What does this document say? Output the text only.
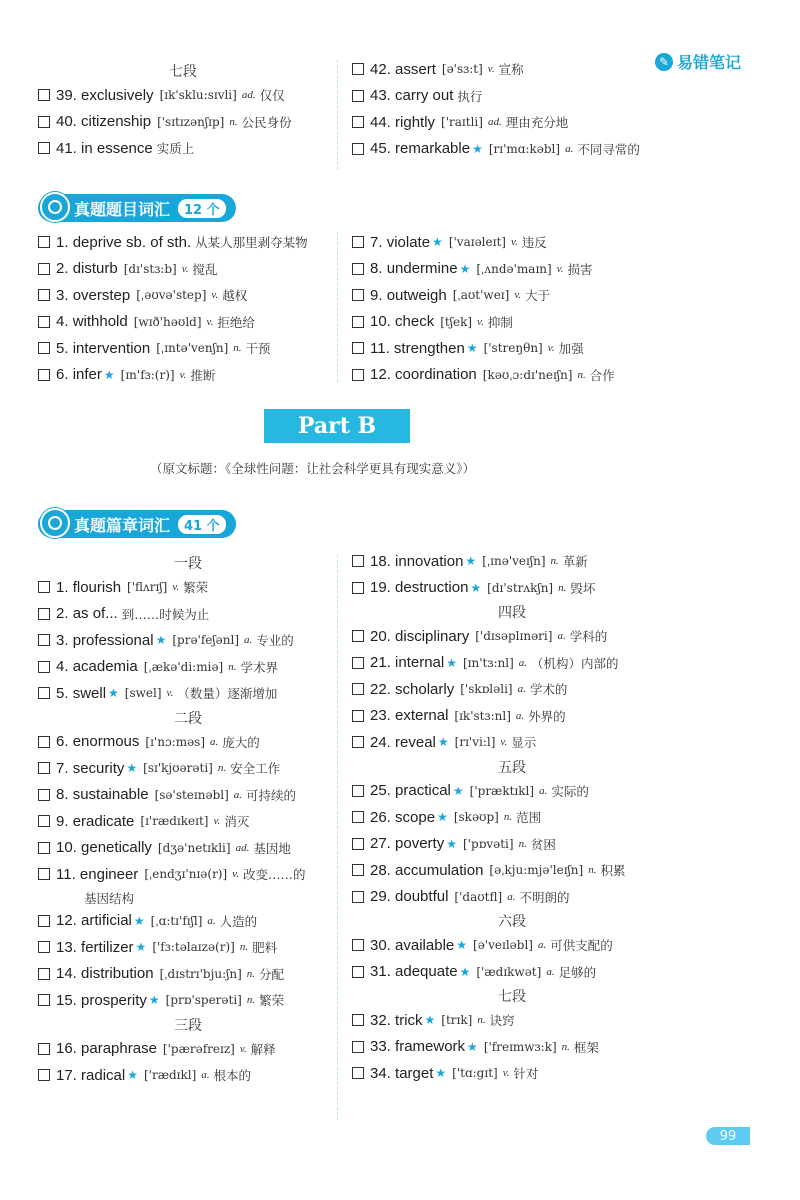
✎ 易错笔记
七段
39. exclusively [ɪk'sklu:sɪvli] ad. 仅仅
40. citizenship ['sɪtɪzənʃɪp] n. 公民身份
41. in essence 实质上
42. assert [ə'sɜ:t] v. 宣称
43. carry out 执行
44. rightly ['raɪtli] ad. 理由充分地
45. remarkable ★ [rɪ'mɑ:kəbl] a. 不同寻常的
真题题目词汇	12 个
1. deprive sb. of sth. 从某人那里剥夺某物
2. disturb [dɪ'stɜ:b] v. 搅乱
3. overstep [ˌəʊvə'step] v. 越权
4. withhold [wɪð'həʊld] v. 拒绝给
5. intervention [ˌɪntə'venʃn] n. 干预
6. infer ★ [ɪn'fɜ:(r)] v. 推断
7. violate ★ ['vaɪəleɪt] v. 违反
8. undermine ★ [ˌʌndə'maɪn] v. 损害
9. outweigh [ˌaʊt'weɪ] v. 大于
10. check [tʃek] v. 抑制
11. strengthen ★ ['streŋθn] v. 加强
12. coordination [kəʊˌɔ:dɪ'neɪʃn] n. 合作
Part B
（原文标题：《全球性问题：让社会科学更具有现实意义》）
真题篇章词汇	41 个
一段
1. flourish ['flʌrɪʃ] v. 繁荣
2. as of... 到……时候为止
3. professional ★ [prə'feʃənl] a. 专业的
4. academia [ˌækə'di:miə] n. 学术界
5. swell ★ [swel] v. （数量）逐渐增加
二段
6. enormous [ɪ'nɔ:məs] a. 庞大的
7. security ★ [sɪ'kjʊərəti] n. 安全工作
8. sustainable [sə'steɪnəbl] a. 可持续的
9. eradicate [ɪ'rædɪkeɪt] v. 消灭
10. genetically [dʒə'netɪkli] ad. 基因地
11. engineer [ˌendʒɪ'nɪə(r)] v. 改变……的
基因结构
12. artificial ★ [ˌɑ:tɪ'fɪʃl] a. 人造的
13. fertilizer ★ ['fɜ:təlaɪzə(r)] n. 肥料
14. distribution [ˌdɪstrɪ'bju:ʃn] n. 分配
15. prosperity ★ [prɒ'sperəti] n. 繁荣
三段
16. paraphrase ['pærəfreɪz] v. 解释
17. radical ★ ['rædɪkl] a. 根本的
18. innovation ★ [ˌɪnə'veɪʃn] n. 革新
19. destruction ★ [dɪ'strʌkʃn] n. 毁坏
四段
20. disciplinary ['dɪsəplɪnəri] a. 学科的
21. internal ★ [ɪn'tɜ:nl] a. （机构）内部的
22. scholarly ['skɒləli] a. 学术的
23. external [ɪk'stɜ:nl] a. 外界的
24. reveal ★ [rɪ'vi:l] v. 显示
五段
25. practical ★ ['præktɪkl] a. 实际的
26. scope ★ [skəʊp] n. 范围
27. poverty ★ ['pɒvəti] n. 贫困
28. accumulation [əˌkju:mjə'leɪʃn] n. 积累
29. doubtful ['daʊtfl] a. 不明朗的
六段
30. available ★ [ə'veɪləbl] a. 可供支配的
31. adequate ★ ['ædɪkwət] a. 足够的
七段
32. trick ★ [trɪk] n. 诀窍
33. framework ★ ['freɪmwɜ:k] n. 框架
34. target ★ ['tɑ:gɪt] v. 针对
99
